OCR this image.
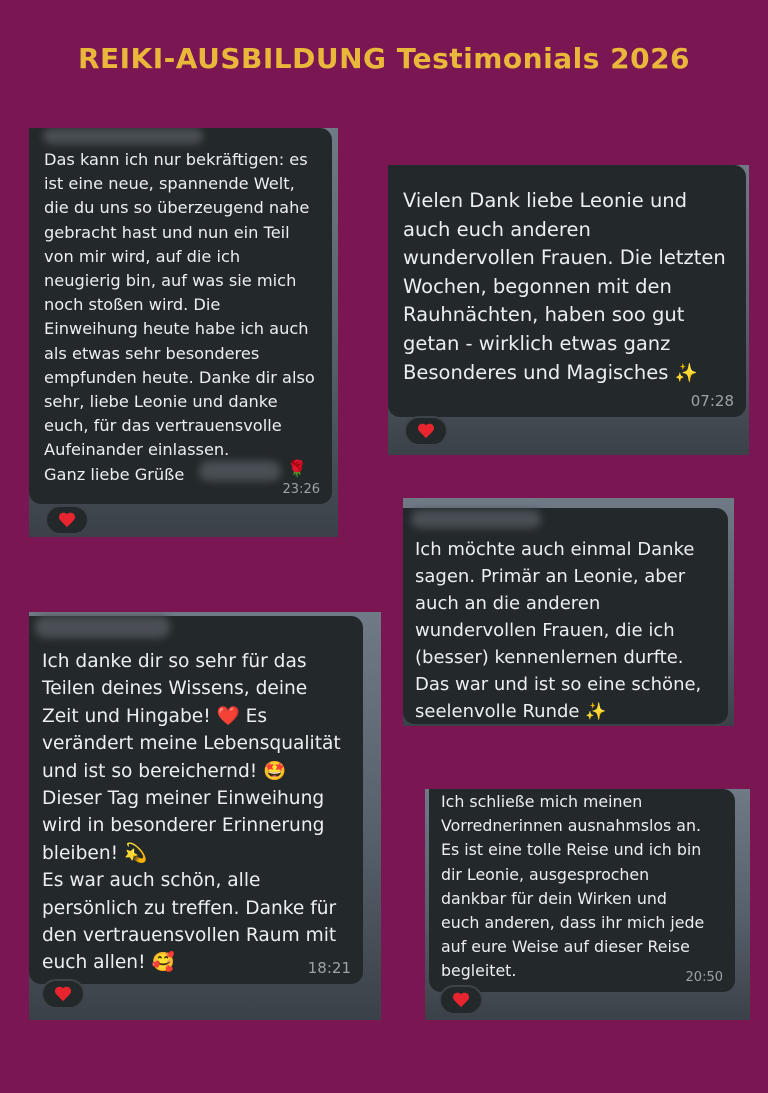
REIKI-AUSBILDUNG Testimonials 2026
Das kann ich nur bekräftigen: es
ist eine neue, spannende Welt,
die du uns so überzeugend nahe
gebracht hast und nun ein Teil
von mir wird, auf die ich
neugierig bin, auf was sie mich
noch stoßen wird. Die
Einweihung heute habe ich auch
als etwas sehr besonderes
empfunden heute. Danke dir also
sehr, liebe Leonie und danke
euch, für das vertrauensvolle
Aufeinander einlassen.
Ganz liebe Grüße	🌹
23:26
Vielen Dank liebe Leonie und
auch euch anderen
wundervollen Frauen. Die letzten
Wochen, begonnen mit den
Rauhnächten, haben soo gut
getan - wirklich etwas ganz
Besonderes und Magisches ✨
07:28
Ich möchte auch einmal Danke
sagen. Primär an Leonie, aber
auch an die anderen
wundervollen Frauen, die ich
(besser) kennenlernen durfte.
Das war und ist so eine schöne,
seelenvolle Runde ✨
Ich danke dir so sehr für das
Teilen deines Wissens, deine
Zeit und Hingabe! ❤️ Es
verändert meine Lebensqualität
und ist so bereichernd! 🤩
Dieser Tag meiner Einweihung
wird in besonderer Erinnerung
bleiben! 💫
Es war auch schön, alle
persönlich zu treffen. Danke für
den vertrauensvollen Raum mit
euch allen! 🥰	18:21
Ich schließe mich meinen
Vorrednerinnen ausnahmslos an.
Es ist eine tolle Reise und ich bin
dir Leonie, ausgesprochen
dankbar für dein Wirken und
euch anderen, dass ihr mich jede
auf eure Weise auf dieser Reise
begleitet.	20:50
